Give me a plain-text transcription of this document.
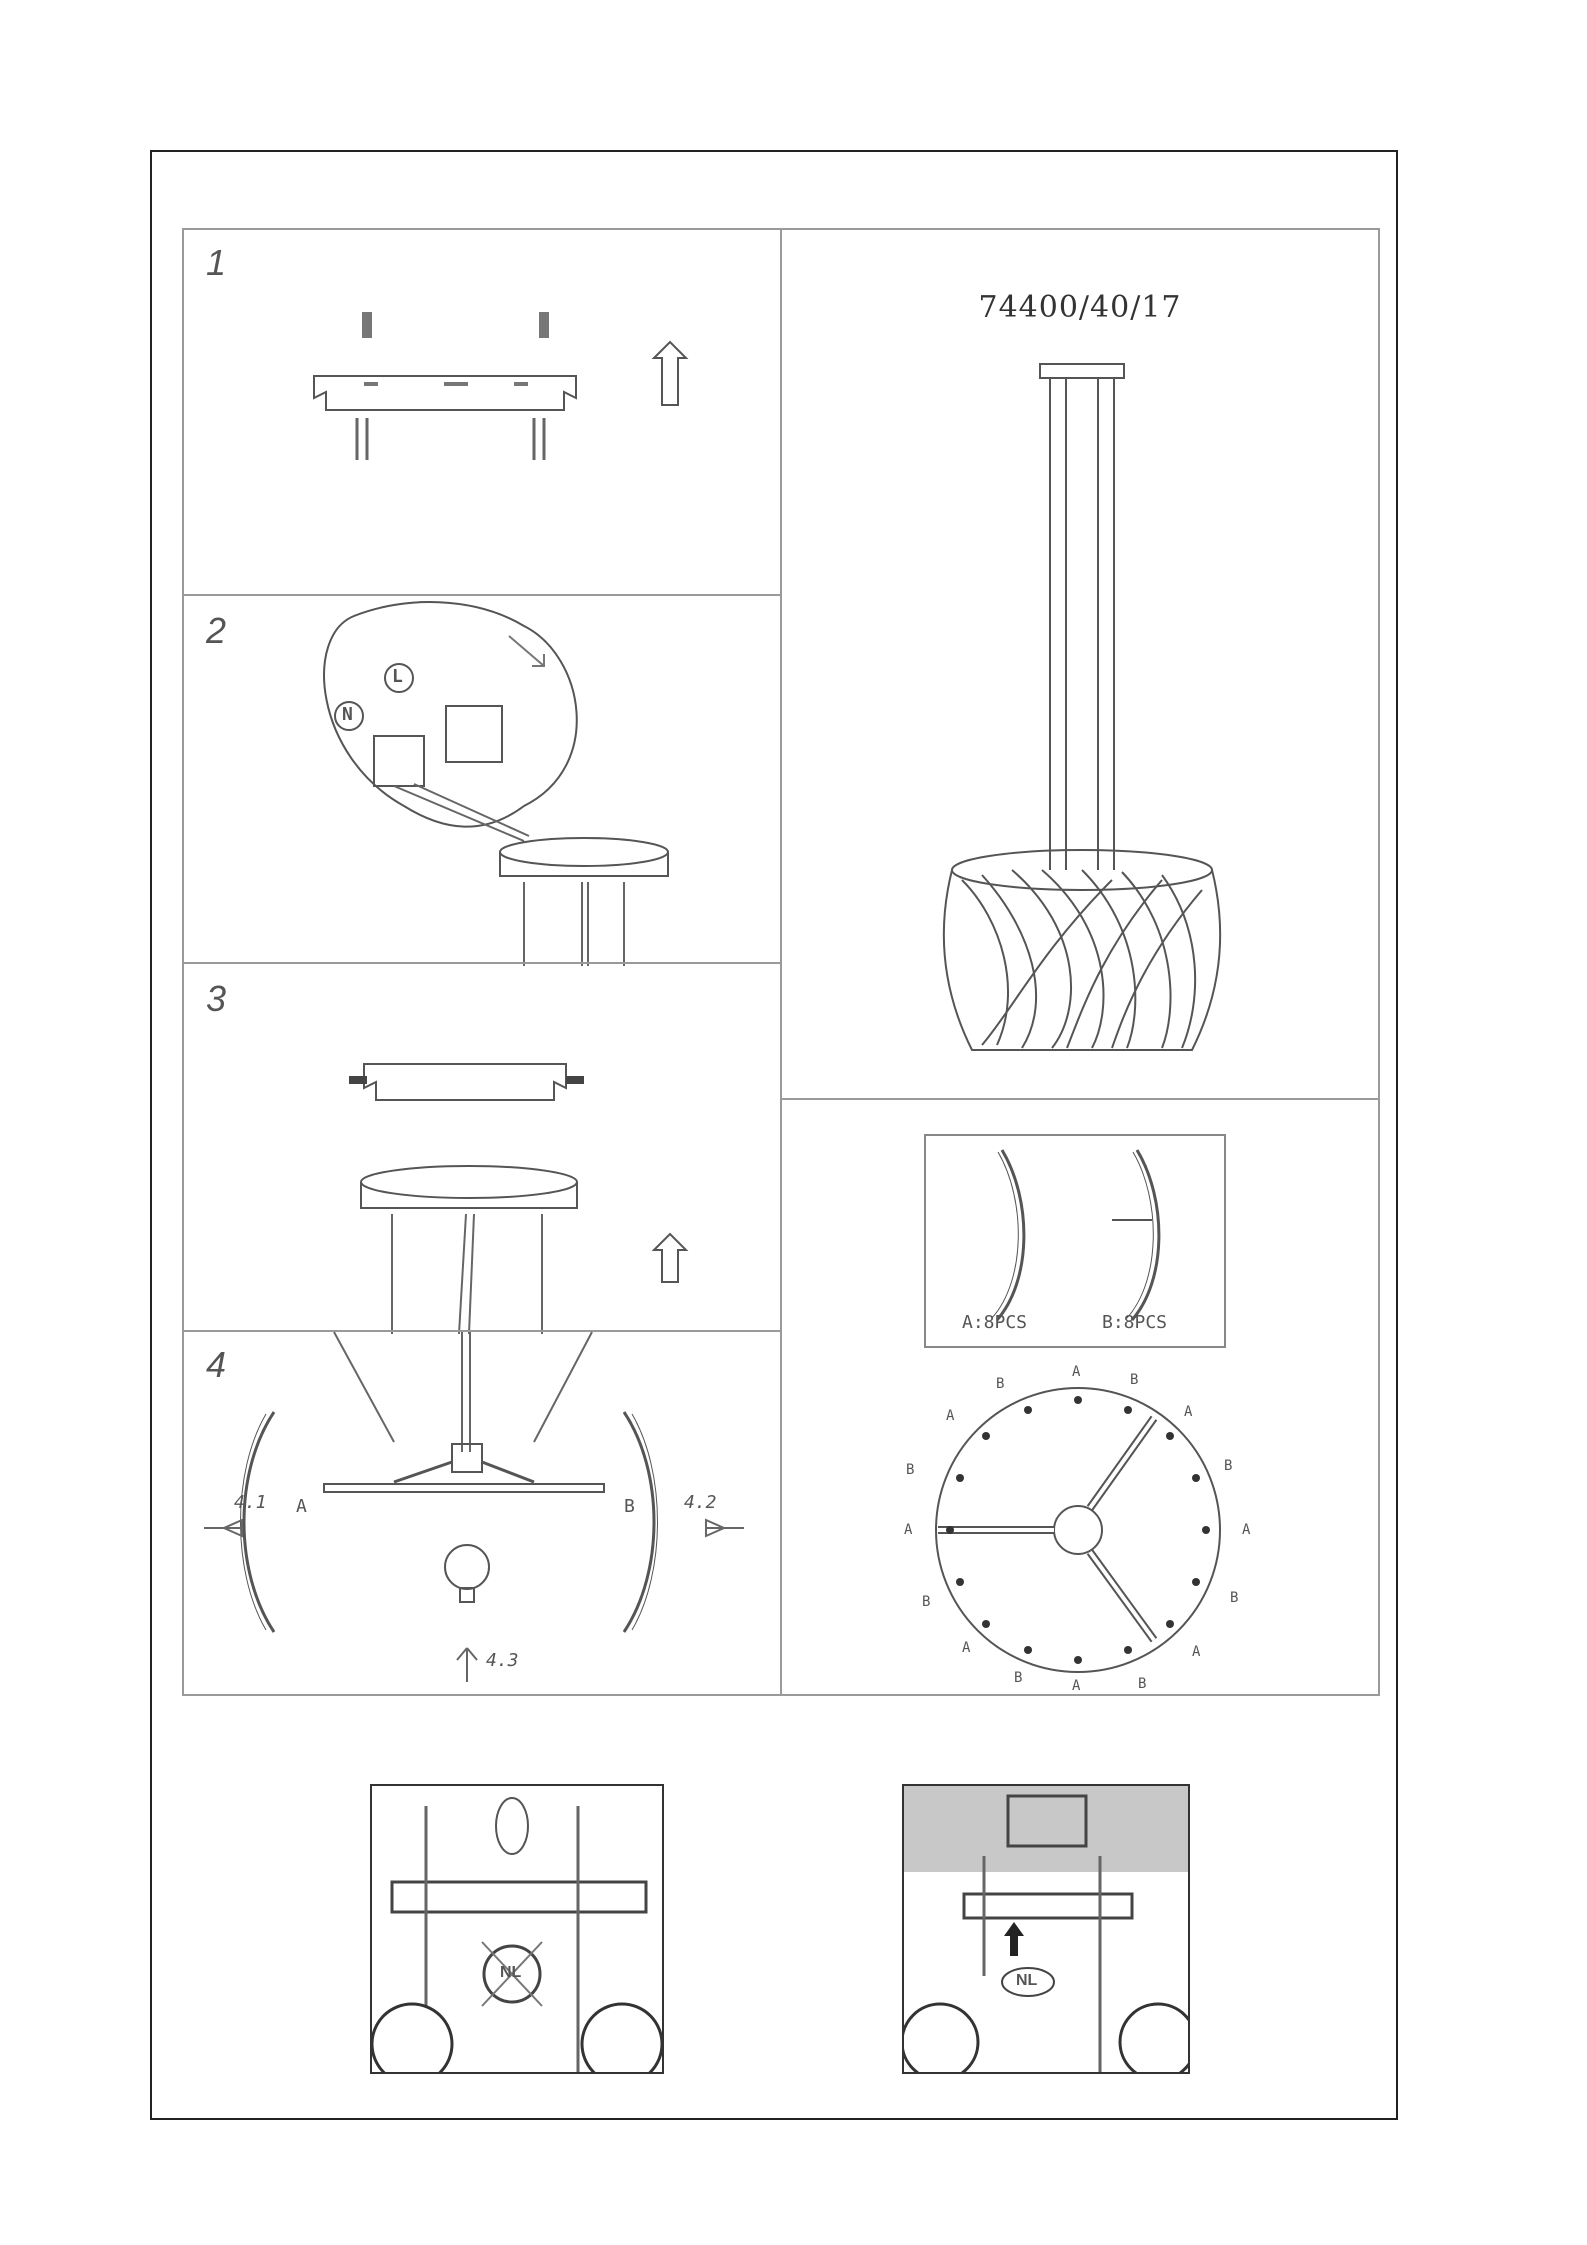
1
2
N
L
3
4
4.1	4.2
4.3
A	B
74400/40/17
A:8PCS	B:8PCS
A	B
A
B
A
B
A
B
A
B
A
B
A
B
A
B
NL	NL
